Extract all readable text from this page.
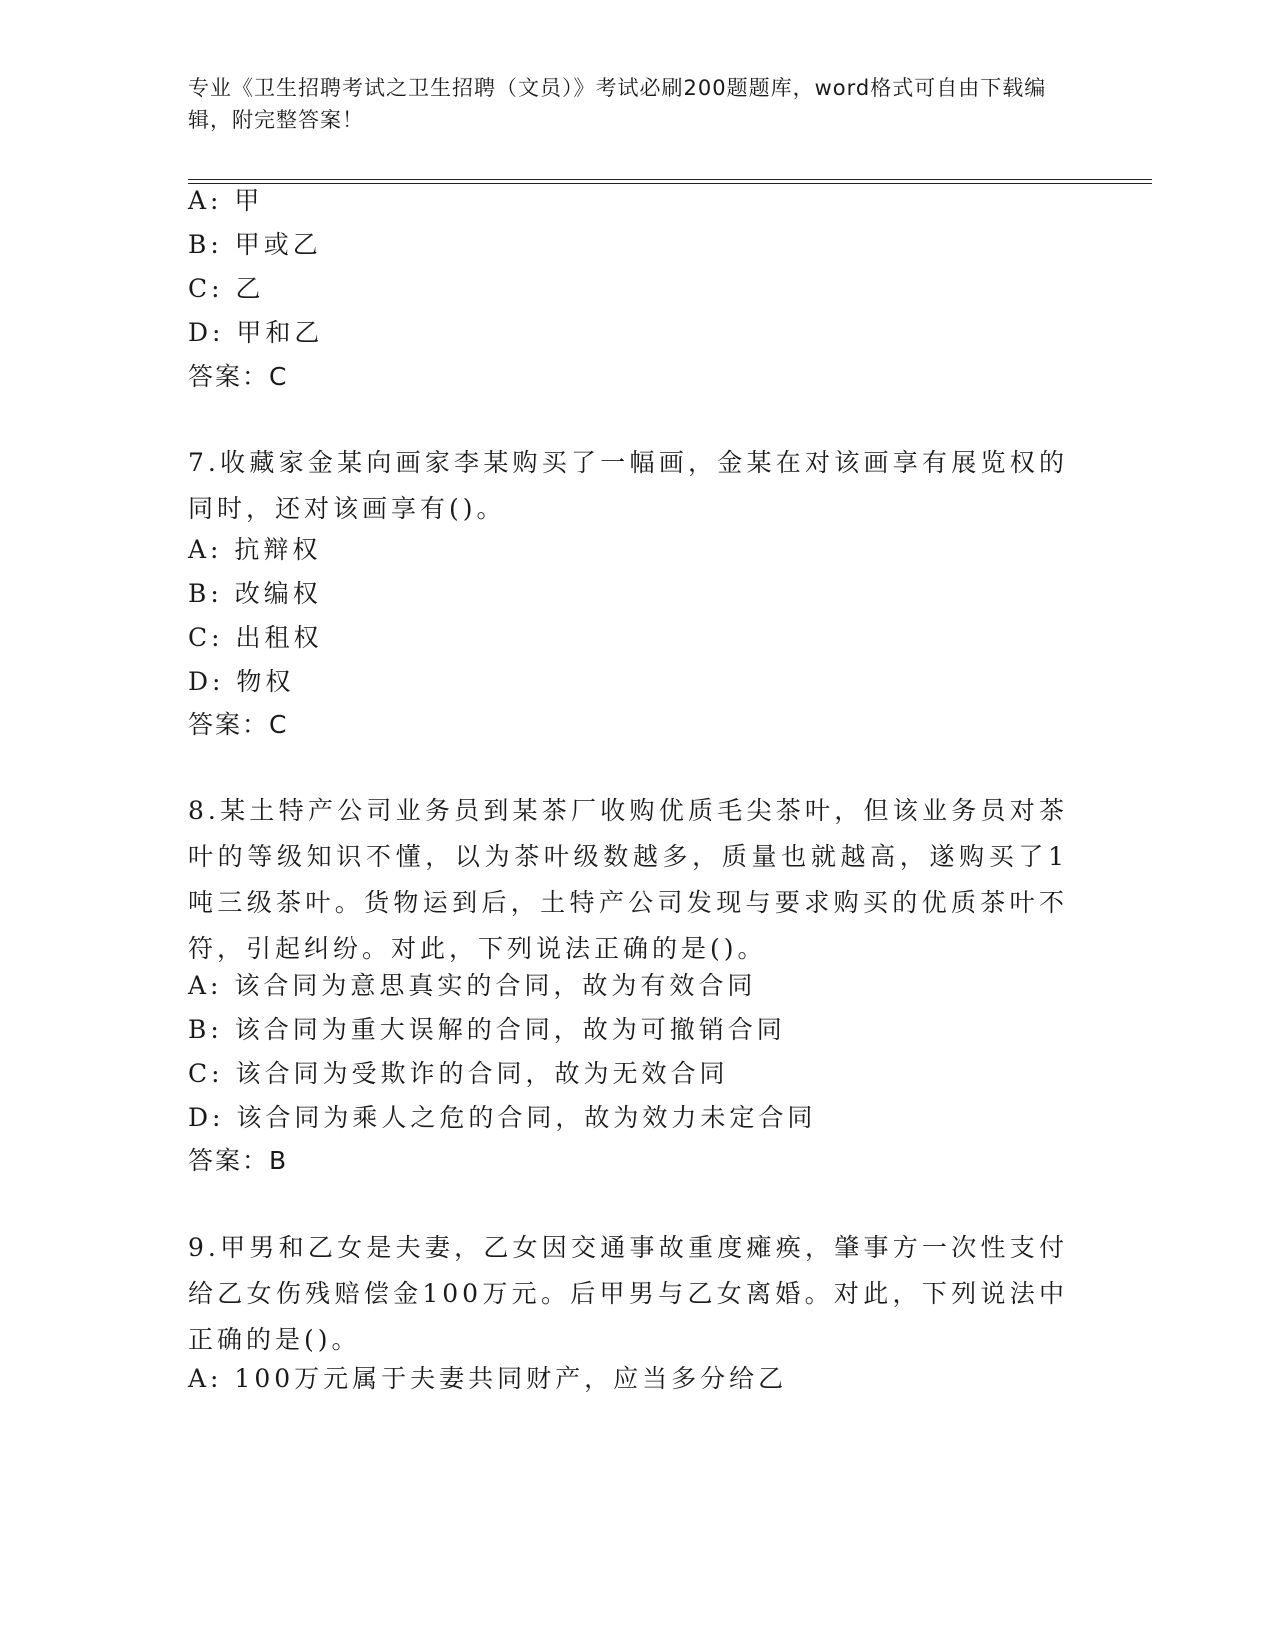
专业《卫生招聘考试之卫生招聘（文员）》考试必刷200题题库，word格式可自由下载编辑，附完整答案！

A: 甲
B: 甲或乙
C: 乙
D: 甲和乙
答案：C

7.收藏家金某向画家李某购买了一幅画，金某在对该画享有展览权的同时，还对该画享有()。

A: 抗辩权
B: 改编权
C: 出租权
D: 物权
答案：C

8.某土特产公司业务员到某茶厂收购优质毛尖茶叶，但该业务员对茶叶的等级知识不懂，以为茶叶级数越多，质量也就越高，遂购买了1吨三级茶叶。货物运到后，土特产公司发现与要求购买的优质茶叶不符，引起纠纷。对此，下列说法正确的是()。

A: 该合同为意思真实的合同，故为有效合同
B: 该合同为重大误解的合同，故为可撤销合同
C: 该合同为受欺诈的合同，故为无效合同
D: 该合同为乘人之危的合同，故为效力未定合同
答案：B

9.甲男和乙女是夫妻，乙女因交通事故重度瘫痪，肇事方一次性支付给乙女伤残赔偿金100万元。后甲男与乙女离婚。对此，下列说法中正确的是()。

A: 100万元属于夫妻共同财产，应当多分给乙
